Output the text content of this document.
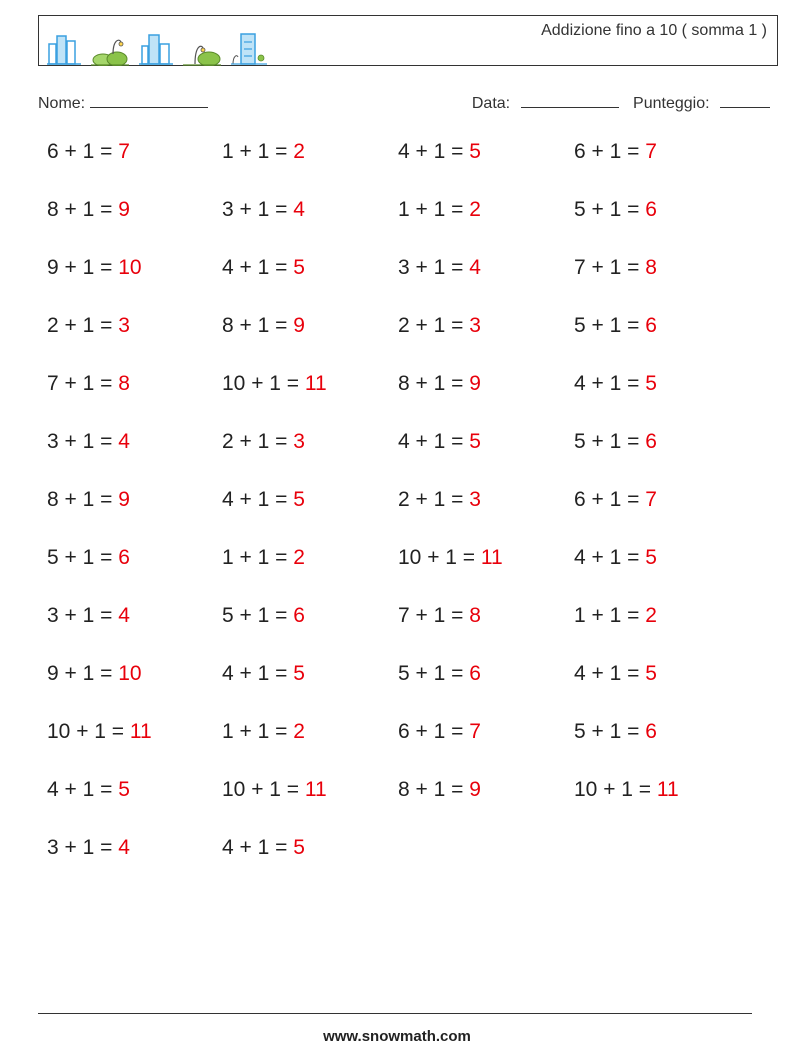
Addizione fino a 10 ( somma 1 )
Nome:	Data:	Punteggio:
6 + 1 = 7
8 + 1 = 9
9 + 1 = 10
2 + 1 = 3
7 + 1 = 8
3 + 1 = 4
8 + 1 = 9
5 + 1 = 6
3 + 1 = 4
9 + 1 = 10
10 + 1 = 11
4 + 1 = 5
3 + 1 = 4
1 + 1 = 2
3 + 1 = 4
4 + 1 = 5
8 + 1 = 9
10 + 1 = 11
2 + 1 = 3
4 + 1 = 5
1 + 1 = 2
5 + 1 = 6
4 + 1 = 5
1 + 1 = 2
10 + 1 = 11
4 + 1 = 5
4 + 1 = 5
1 + 1 = 2
3 + 1 = 4
2 + 1 = 3
8 + 1 = 9
4 + 1 = 5
2 + 1 = 3
10 + 1 = 11
7 + 1 = 8
5 + 1 = 6
6 + 1 = 7
8 + 1 = 9
6 + 1 = 7
5 + 1 = 6
7 + 1 = 8
5 + 1 = 6
4 + 1 = 5
5 + 1 = 6
6 + 1 = 7
4 + 1 = 5
1 + 1 = 2
4 + 1 = 5
5 + 1 = 6
10 + 1 = 11
www.snowmath.com
